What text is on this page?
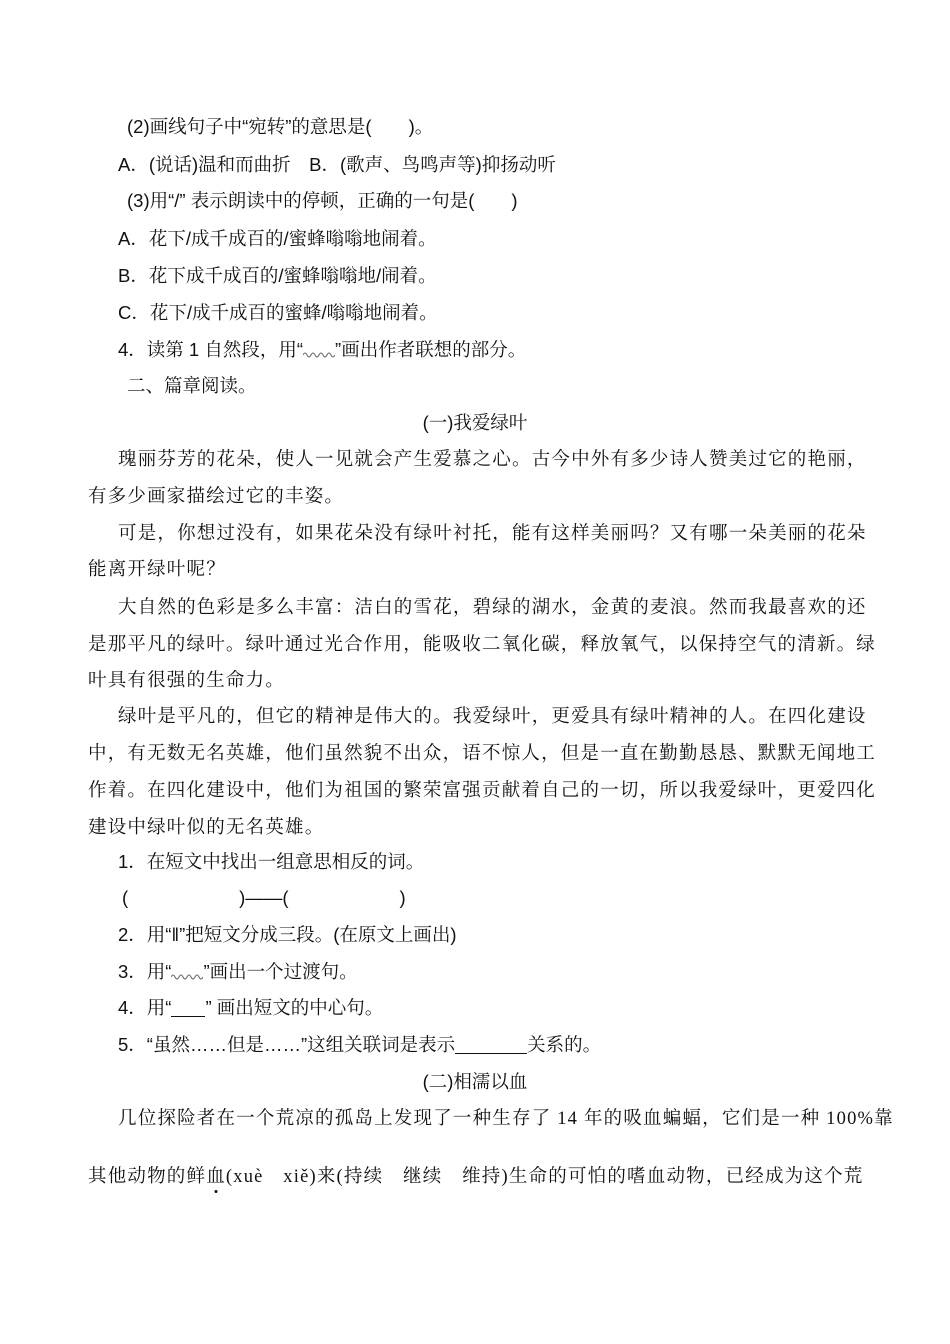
(2)画线句子中“宛转”的意思是(　　)。
A．(说话)温和而曲折　B．(歌声、鸟鸣声等)抑扬动听
(3)用“/” 表示朗读中的停顿，正确的一句是(　　)
A．花下/成千成百的/蜜蜂嗡嗡地闹着。
B．花下成千成百的/蜜蜂嗡嗡地/闹着。
C．花下/成千成百的蜜蜂/嗡嗡地闹着。
4．读第 1 自然段，用“ ”画出作者联想的部分。
二、篇章阅读。
(一)我爱绿叶
瑰丽芬芳的花朵，使人一见就会产生爱慕之心。古今中外有多少诗人赞美过它的艳丽，
有多少画家描绘过它的丰姿。
可是，你想过没有，如果花朵没有绿叶衬托，能有这样美丽吗？又有哪一朵美丽的花朵
能离开绿叶呢？
大自然的色彩是多么丰富：洁白的雪花，碧绿的湖水，金黄的麦浪。然而我最喜欢的还
是那平凡的绿叶。绿叶通过光合作用，能吸收二氧化碳，释放氧气，以保持空气的清新。绿
叶具有很强的生命力。
绿叶是平凡的，但它的精神是伟大的。我爱绿叶，更爱具有绿叶精神的人。在四化建设
中，有无数无名英雄，他们虽然貌不出众，语不惊人，但是一直在勤勤恳恳、默默无闻地工
作着。在四化建设中，他们为祖国的繁荣富强贡献着自己的一切，所以我爱绿叶，更爱四化
建设中绿叶似的无名英雄。
1．在短文中找出一组意思相反的词。
(　　　　　　)——(　　　　　　)
2．用“‖”把短文分成三段。(在原文上画出)
3．用“ ”画出一个过渡句。
4．用“ ” 画出短文的中心句。
5．“虽然……但是……”这组关联词是表示	关系的。
(二)相濡以血
几位探险者在一个荒凉的孤岛上发现了一种生存了 14 年的吸血蝙蝠，它们是一种 100%靠
其他动物的鲜血(xuè　xiě)来(持续　继续　维持)生命的可怕的嗜血动物，已经成为这个荒
